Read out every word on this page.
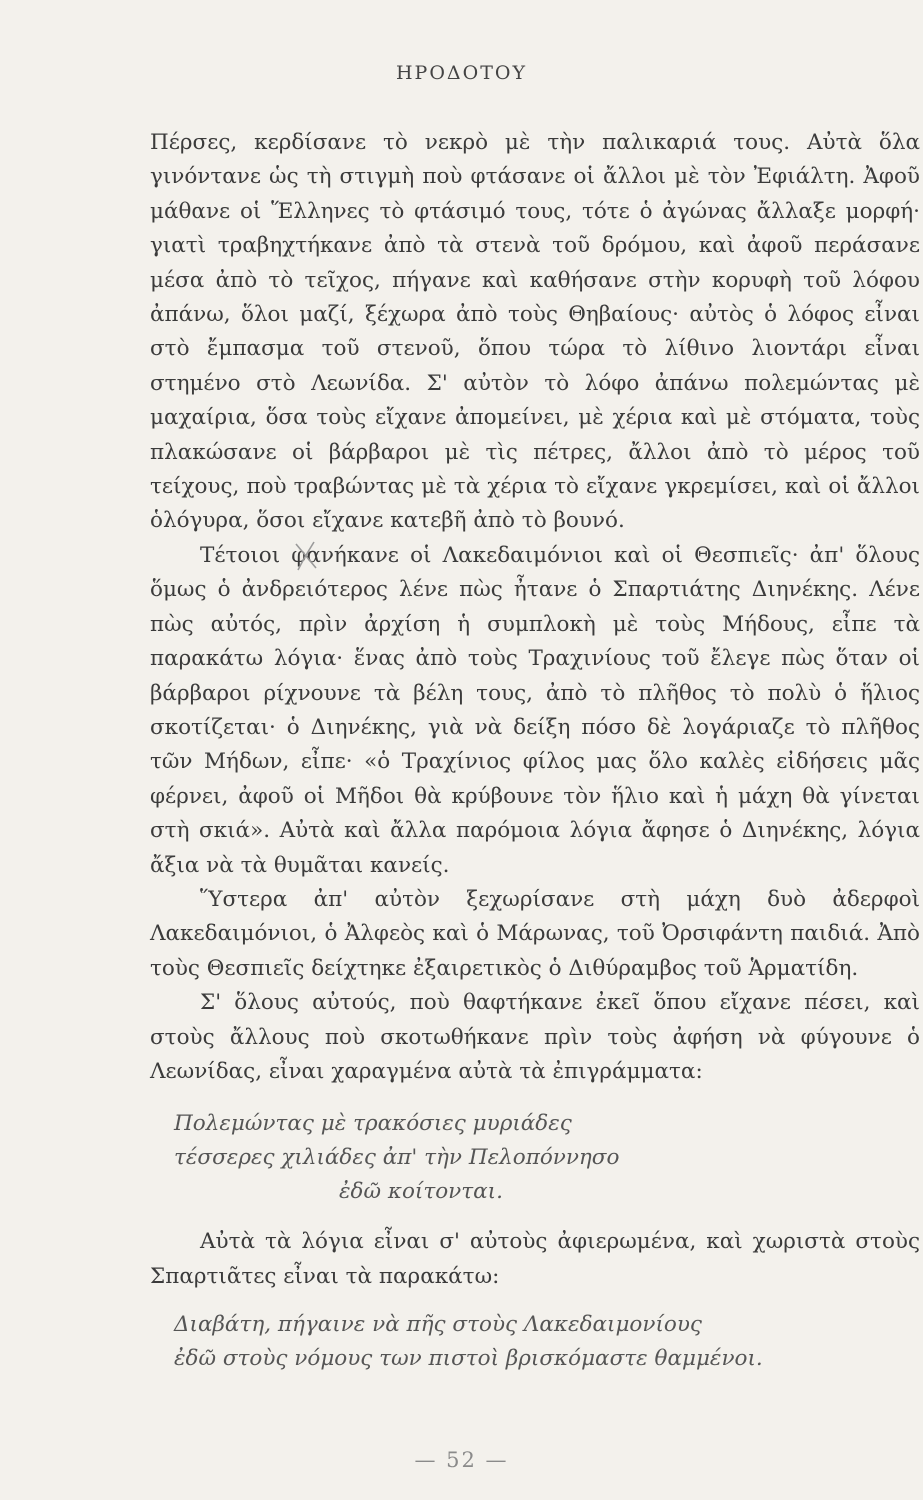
ΗΡΟΔΟΤΟΥ

Πέρσες, κερδίσανε τὸ νεκρὸ μὲ τὴν παλικαριά τους. Αὐτὰ ὅλα γινόντανε ὡς τὴ στιγμὴ ποὺ φτάσανε οἱ ἄλλοι μὲ τὸν Ἐφιάλτη. Ἀφοῦ μάθανε οἱ Ἕλληνες τὸ φτάσιμό τους, τότε ὁ ἀγώνας ἄλλαξε μορφή· γιατὶ τραβηχτήκανε ἀπὸ τὰ στενὰ τοῦ δρόμου, καὶ ἀφοῦ περάσανε μέσα ἀπὸ τὸ τεῖχος, πήγανε καὶ καθήσανε στὴν κορυφὴ τοῦ λόφου ἀπάνω, ὅλοι μαζί, ξέχωρα ἀπὸ τοὺς Θηβαίους· αὐτὸς ὁ λόφος εἶναι στὸ ἔμπασμα τοῦ στενοῦ, ὅπου τώρα τὸ λίθινο λιοντάρι εἶναι στημένο στὸ Λεωνίδα. Σ' αὐτὸν τὸ λόφο ἀπάνω πολεμώντας μὲ μαχαίρια, ὅσα τοὺς εἴχανε ἀπομείνει, μὲ χέρια καὶ μὲ στόματα, τοὺς πλακώσανε οἱ βάρβαροι μὲ τὶς πέτρες, ἄλλοι ἀπὸ τὸ μέρος τοῦ τείχους, ποὺ τραβώντας μὲ τὰ χέρια τὸ εἴχανε γκρεμίσει, καὶ οἱ ἄλλοι ὁλόγυρα, ὅσοι εἴχανε κατεβῆ ἀπὸ τὸ βουνό.

Τέτοιοι φανήκανε οἱ Λακεδαιμόνιοι καὶ οἱ Θεσπιεῖς· ἀπ' ὅλους ὅμως ὁ ἀνδρειότερος λένε πὼς ἦτανε ὁ Σπαρτιάτης Διηνέκης. Λένε πὼς αὐτός, πρὶν ἀρχίση ἡ συμπλοκὴ μὲ τοὺς Μήδους, εἶπε τὰ παρακάτω λόγια· ἕνας ἀπὸ τοὺς Τραχινίους τοῦ ἔλεγε πὼς ὅταν οἱ βάρβαροι ρίχνουνε τὰ βέλη τους, ἀπὸ τὸ πλῆθος τὸ πολὺ ὁ ἥλιος σκοτίζεται· ὁ Διηνέκης, γιὰ νὰ δείξη πόσο δὲ λογάριαζε τὸ πλῆθος τῶν Μήδων, εἶπε· «ὁ Τραχίνιος φίλος μας ὅλο καλὲς εἰδήσεις μᾶς φέρνει, ἀφοῦ οἱ Μῆδοι θὰ κρύβουνε τὸν ἥλιο καὶ ἡ μάχη θὰ γίνεται στὴ σκιά». Αὐτὰ καὶ ἄλλα παρόμοια λόγια ἄφησε ὁ Διηνέκης, λόγια ἄξια νὰ τὰ θυμᾶται κανείς.

Ὕστερα ἀπ' αὐτὸν ξεχωρίσανε στὴ μάχη δυὸ ἀδερφοὶ Λακεδαιμόνιοι, ὁ Ἀλφεὸς καὶ ὁ Μάρωνας, τοῦ Ὀρσιφάντη παιδιά. Ἀπὸ τοὺς Θεσπιεῖς δείχτηκε ἐξαιρετικὸς ὁ Διθύραμβος τοῦ Ἁρματίδη.

Σ' ὅλους αὐτούς, ποὺ θαφτήκανε ἐκεῖ ὅπου εἴχανε πέσει, καὶ στοὺς ἄλλους ποὺ σκοτωθήκανε πρὶν τοὺς ἀφήση νὰ φύγουνε ὁ Λεωνίδας, εἶναι χαραγμένα αὐτὰ τὰ ἐπιγράμματα:

Πολεμώντας μὲ τρακόσιες μυριάδες
τέσσερες χιλιάδες ἀπ' τὴν Πελοπόννησο
ἐδῶ κοίτονται.

Αὐτὰ τὰ λόγια εἶναι σ' αὐτοὺς ἀφιερωμένα, καὶ χωριστὰ στοὺς Σπαρτιᾶτες εἶναι τὰ παρακάτω:

Διαβάτη, πήγαινε νὰ πῆς στοὺς Λακεδαιμονίους
ἐδῶ στοὺς νόμους των πιστοὶ βρισκόμαστε θαμμένοι.
— 52 —
